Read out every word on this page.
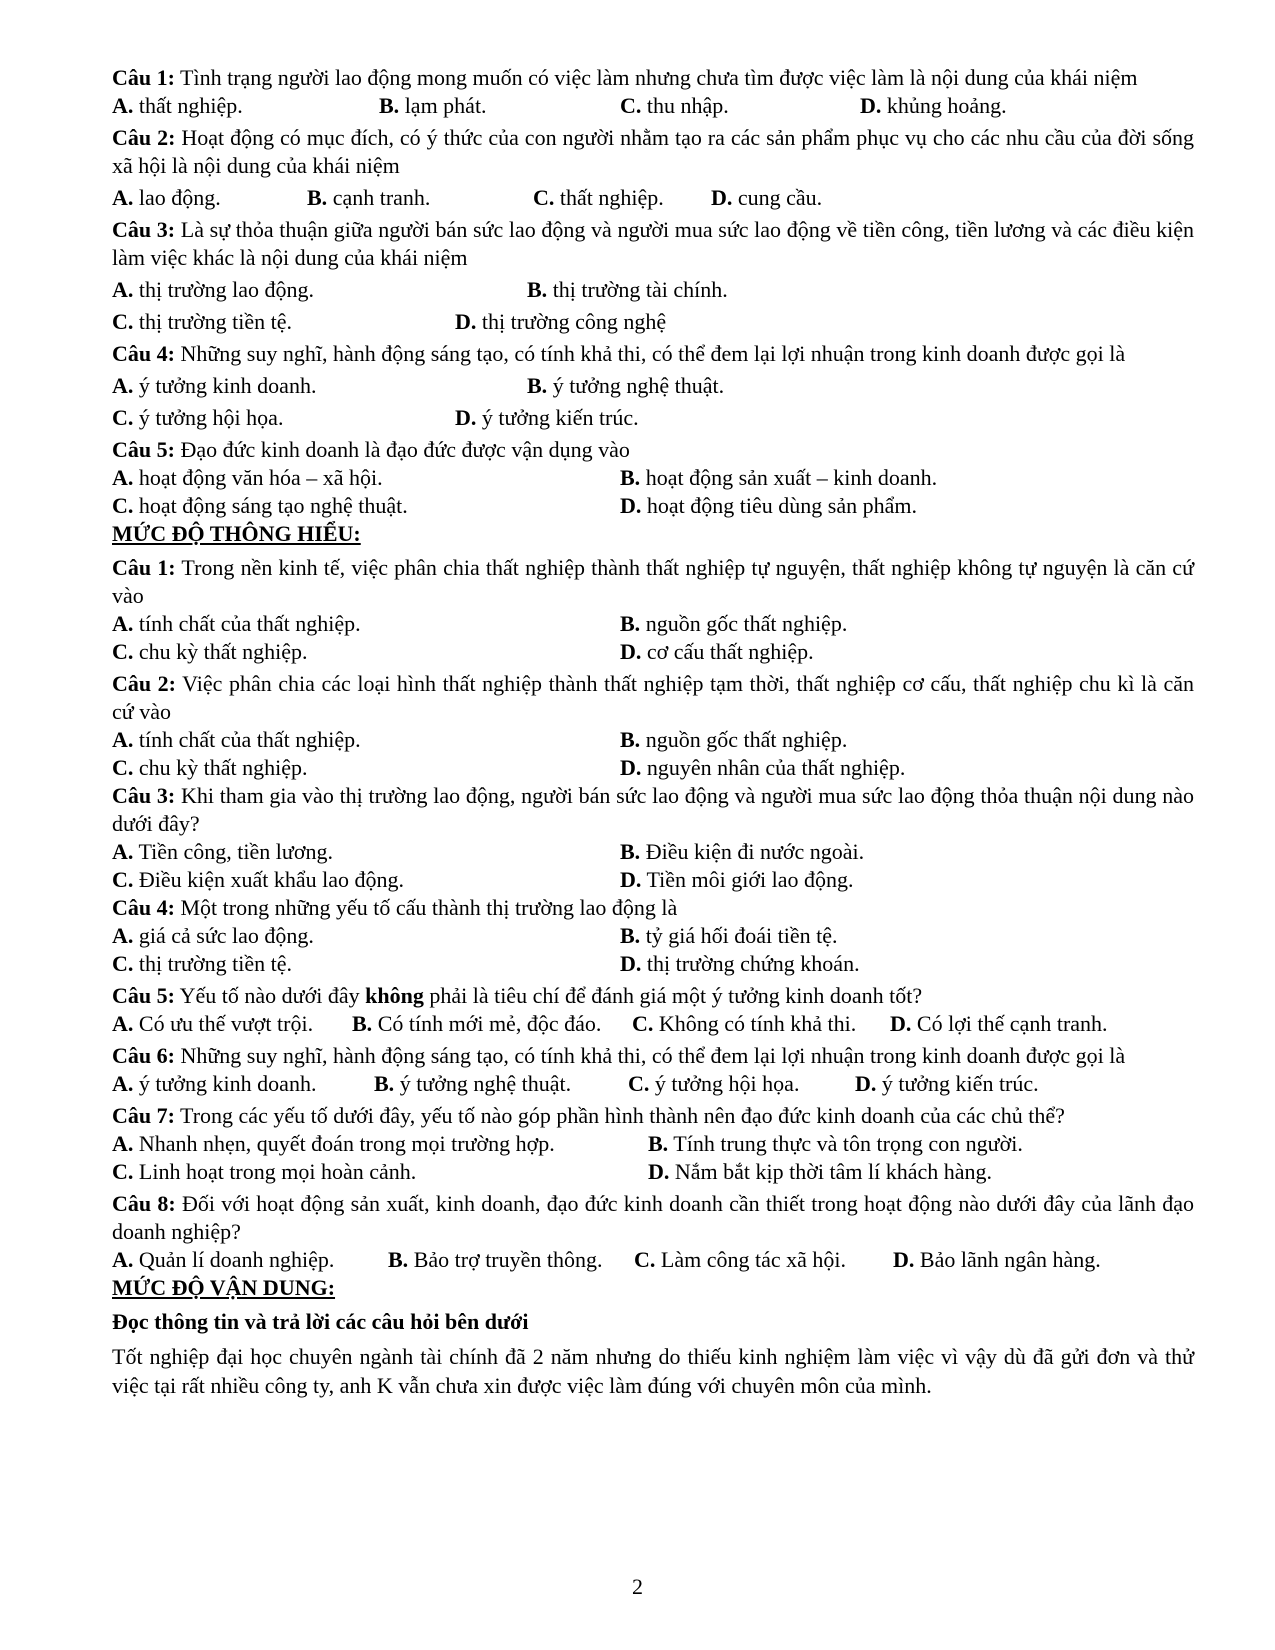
Câu 1: Tình trạng người lao động mong muốn có việc làm nhưng chưa tìm được việc làm là nội dung của khái niệm
A. thất nghiệp.	B. lạm phát.	C. thu nhập.	D. khủng hoảng.
Câu 2: Hoạt động có mục đích, có ý thức của con người nhằm tạo ra các sản phẩm phục vụ cho các nhu cầu của đời sống xã hội là nội dung của khái niệm
A. lao động.	B. cạnh tranh.	C. thất nghiệp.	D. cung cầu.
Câu 3: Là sự thỏa thuận giữa người bán sức lao động và người mua sức lao động về tiền công, tiền lương và các điều kiện làm việc khác là nội dung của khái niệm
A. thị trường lao động.	B. thị trường tài chính.
C. thị trường tiền tệ.	D. thị trường công nghệ
Câu 4: Những suy nghĩ, hành động sáng tạo, có tính khả thi, có thể đem lại lợi nhuận trong kinh doanh được gọi là
A. ý tưởng kinh doanh.	B. ý tưởng nghệ thuật.
C. ý tưởng hội họa.	D. ý tưởng kiến trúc.
Câu 5: Đạo đức kinh doanh là đạo đức được vận dụng vào
A. hoạt động văn hóa – xã hội.	B. hoạt động sản xuất – kinh doanh.
C. hoạt động sáng tạo nghệ thuật.	D. hoạt động tiêu dùng sản phẩm.
MỨC ĐỘ THÔNG HIỂU:
Câu 1: Trong nền kinh tế, việc phân chia thất nghiệp thành thất nghiệp tự nguyện, thất nghiệp không tự nguyện là căn cứ vào
A. tính chất của thất nghiệp.	B. nguồn gốc thất nghiệp.
C. chu kỳ thất nghiệp.	D. cơ cấu thất nghiệp.
Câu 2: Việc phân chia các loại hình thất nghiệp thành thất nghiệp tạm thời, thất nghiệp cơ cấu, thất nghiệp chu kì là căn cứ vào
A. tính chất của thất nghiệp.	B. nguồn gốc thất nghiệp.
C. chu kỳ thất nghiệp.	D. nguyên nhân của thất nghiệp.
Câu 3: Khi tham gia vào thị trường lao động, người bán sức lao động và người mua sức lao động thỏa thuận nội dung nào dưới đây?
A. Tiền công, tiền lương.	B. Điều kiện đi nước ngoài.
C. Điều kiện xuất khẩu lao động.	D. Tiền môi giới lao động.
Câu 4: Một trong những yếu tố cấu thành thị trường lao động là
A. giá cả sức lao động.	B. tỷ giá hối đoái tiền tệ.
C. thị trường tiền tệ.	D. thị trường chứng khoán.
Câu 5: Yếu tố nào dưới đây không phải là tiêu chí để đánh giá một ý tưởng kinh doanh tốt?
A. Có ưu thế vượt trội.	B. Có tính mới mẻ, độc đáo.	C. Không có tính khả thi.	D. Có lợi thế cạnh tranh.
Câu 6: Những suy nghĩ, hành động sáng tạo, có tính khả thi, có thể đem lại lợi nhuận trong kinh doanh được gọi là
A. ý tưởng kinh doanh.	B. ý tưởng nghệ thuật.	C. ý tưởng hội họa.	D. ý tưởng kiến trúc.
Câu 7: Trong các yếu tố dưới đây, yếu tố nào góp phần hình thành nên đạo đức kinh doanh của các chủ thể?
A. Nhanh nhẹn, quyết đoán trong mọi trường hợp.	B. Tính trung thực và tôn trọng con người.
C. Linh hoạt trong mọi hoàn cảnh.	D. Nắm bắt kịp thời tâm lí khách hàng.
Câu 8: Đối với hoạt động sản xuất, kinh doanh, đạo đức kinh doanh cần thiết trong hoạt động nào dưới đây của lãnh đạo doanh nghiệp?
A. Quản lí doanh nghiệp.	B. Bảo trợ truyền thông.	C. Làm công tác xã hội.	D. Bảo lãnh ngân hàng.
MỨC ĐỘ VẬN DUNG:
Đọc thông tin và trả lời các câu hỏi bên dưới
Tốt nghiệp đại học chuyên ngành tài chính đã 2 năm nhưng do thiếu kinh nghiệm làm việc vì vậy dù đã gửi đơn và thử việc tại rất nhiều công ty, anh K vẫn chưa xin được việc làm đúng với chuyên môn của mình.
2
